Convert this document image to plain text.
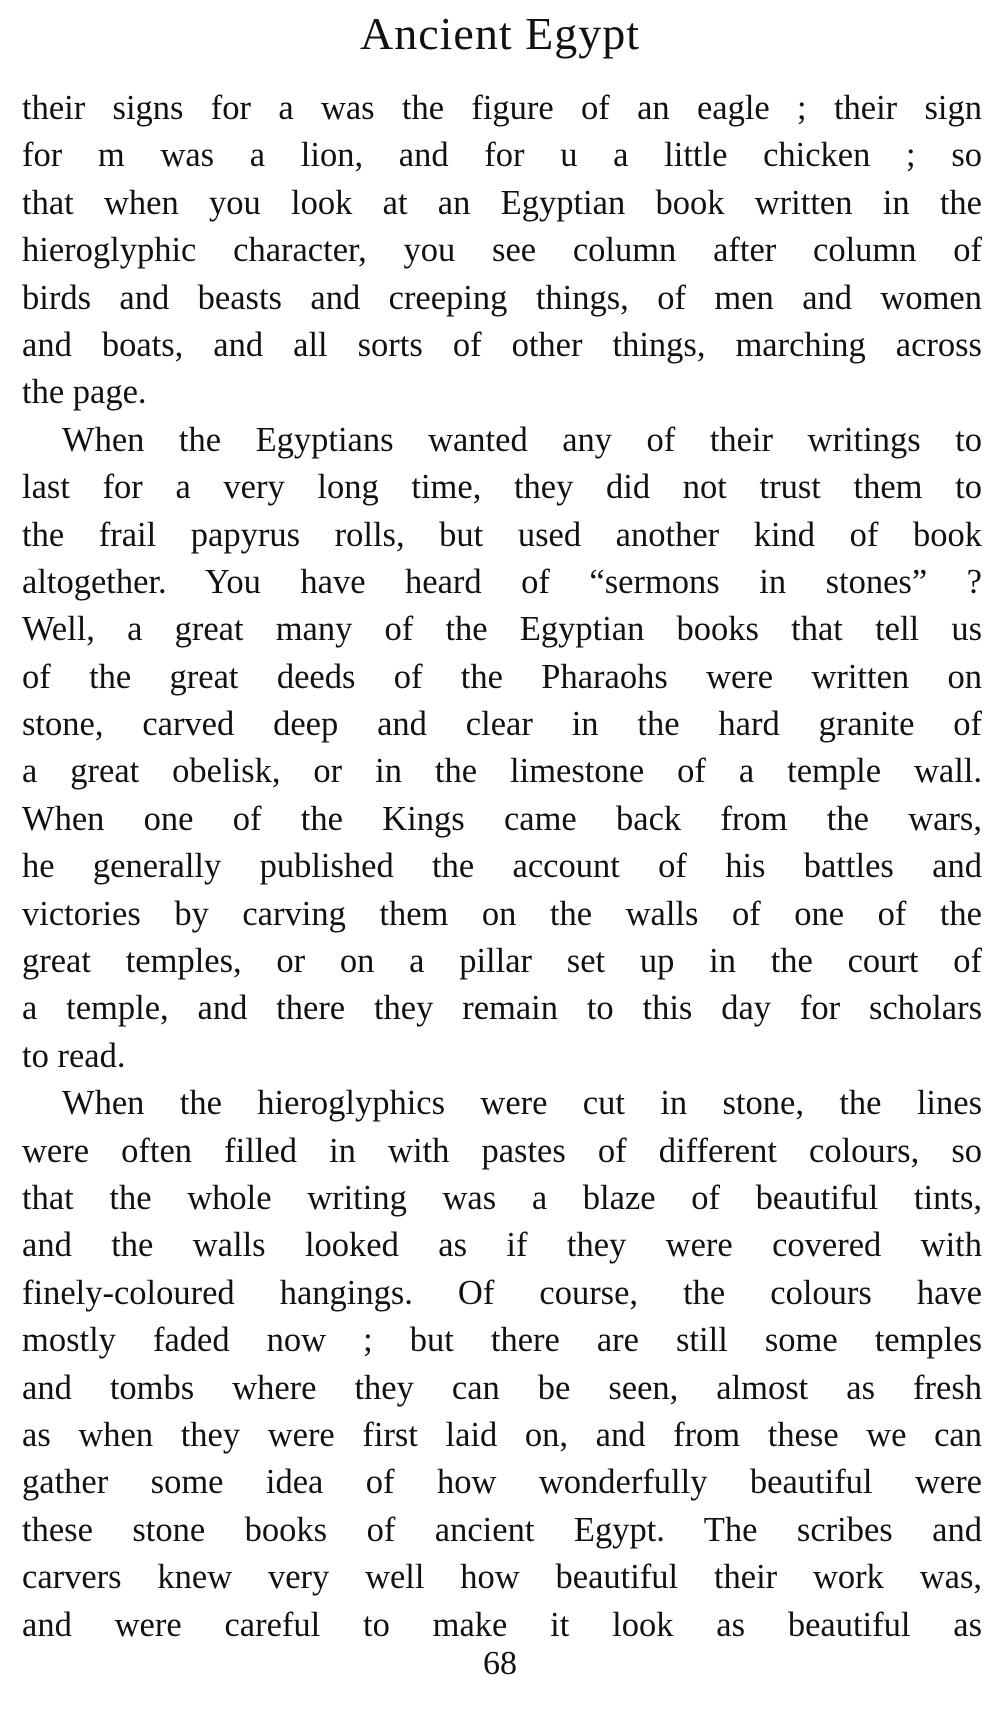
Ancient Egypt
their signs for a was the figure of an eagle ; their sign
for m was a lion, and for u a little chicken ; so
that when you look at an Egyptian book written in the
hieroglyphic character, you see column after column of
birds and beasts and creeping things, of men and women
and boats, and all sorts of other things, marching across
the page.
When the Egyptians wanted any of their writings to
last for a very long time, they did not trust them to
the frail papyrus rolls, but used another kind of book
altogether. You have heard of “sermons in stones” ?
Well, a great many of the Egyptian books that tell us
of the great deeds of the Pharaohs were written on
stone, carved deep and clear in the hard granite of
a great obelisk, or in the limestone of a temple wall.
When one of the Kings came back from the wars,
he generally published the account of his battles and
victories by carving them on the walls of one of the
great temples, or on a pillar set up in the court of
a temple, and there they remain to this day for scholars
to read.
When the hieroglyphics were cut in stone, the lines
were often filled in with pastes of different colours, so
that the whole writing was a blaze of beautiful tints,
and the walls looked as if they were covered with
finely-coloured hangings. Of course, the colours have
mostly faded now ; but there are still some temples
and tombs where they can be seen, almost as fresh
as when they were first laid on, and from these we can
gather some idea of how wonderfully beautiful were
these stone books of ancient Egypt. The scribes and
carvers knew very well how beautiful their work was,
and were careful to make it look as beautiful as
68
